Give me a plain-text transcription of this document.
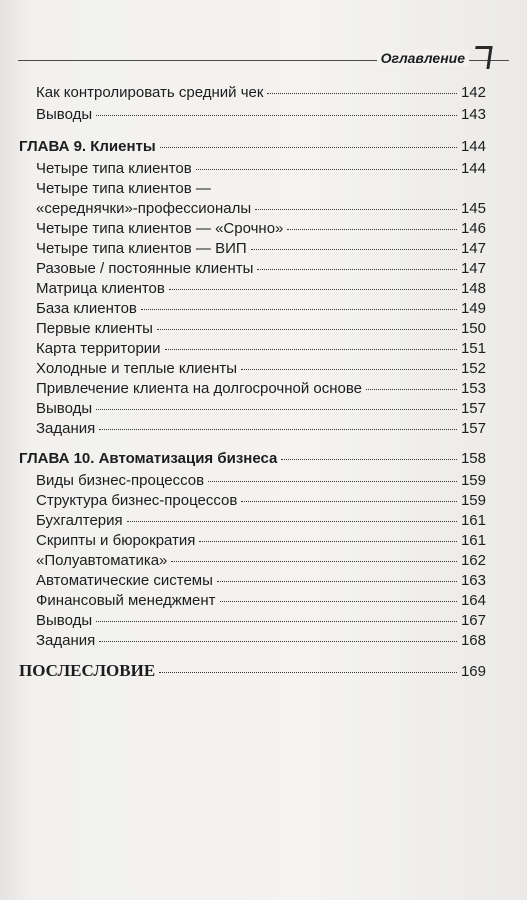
Оглавление
Как контролировать средний чек	142
Выводы	143
ГЛАВА 9. Клиенты	144
Четыре типа клиентов	144
Четыре типа клиентов —
«середнячки»-профессионалы	145
Четыре типа клиентов — «Срочно»	146
Четыре типа клиентов — ВИП	147
Разовые / постоянные клиенты	147
Матрица клиентов	148
База клиентов	149
Первые клиенты	150
Карта территории	151
Холодные и теплые клиенты	152
Привлечение клиента на долгосрочной основе	153
Выводы	157
Задания	157
ГЛАВА 10. Автоматизация бизнеса	158
Виды бизнес-процессов	159
Структура бизнес-процессов	159
Бухгалтерия	161
Скрипты и бюрократия	161
«Полуавтоматика»	162
Автоматические системы	163
Финансовый менеджмент	164
Выводы	167
Задания	168
ПОСЛЕСЛОВИЕ	169
